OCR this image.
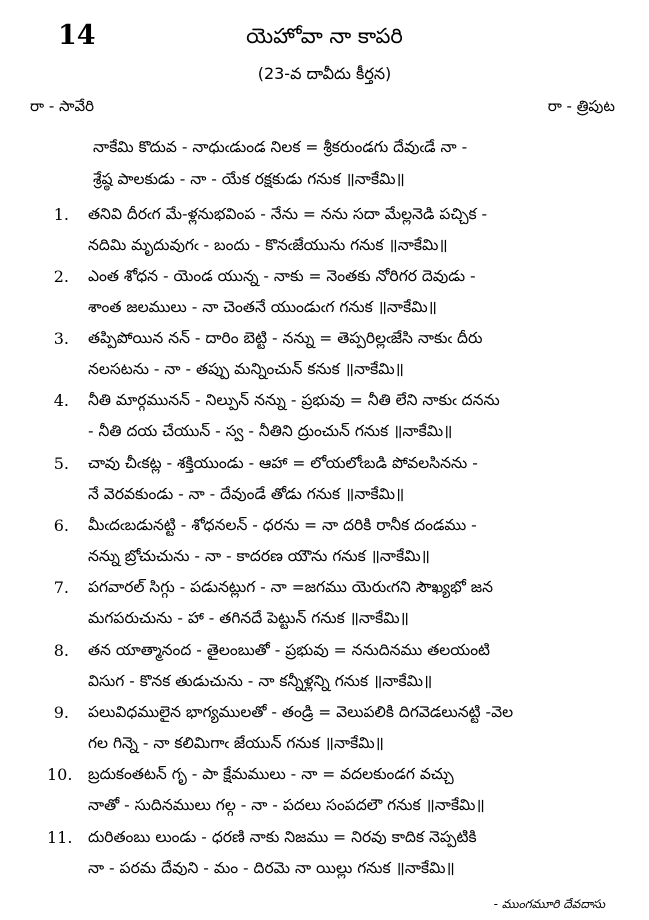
14	యెహోవా నా కాపరి
(23-వ దావీదు కీర్తన)
రా - సావేరి	రా - త్రిపుట
నాకేమి కొదువ - నాధుఁడుండ నిలక = శ్రీకరుండగు దేవుఁడే నా -
శ్రేష్ఠ పాలకుడు - నా - యేక రక్షకుడు గనుక ॥నాకేమి॥
1. తనివి దీరఁగ మే-ళ్లనుభవింప - నేను = నను సదా మేల్లనెడి పచ్చిక -
నదిమి మృదువుగఁ - బందు - కొనఁజేయును గనుక ॥నాకేమి॥
2. ఎంత శోధన - యెండ యున్న - నాకు = నెంతకు నోరిగర దెవుడు -
శాంత జలములు - నా చెంతనే యుండుఁగ గనుక ॥నాకేమి॥
3. తప్పిపోయిన నన్ - దారిం బెట్టి - నన్ను = తెప్పరిల్లఁజేసి నాకుఁ దీరు
నలసటను - నా - తప్పు మన్నించున్ కనుక ॥నాకేమి॥
4. నీతి మార్గమునన్ - నిల్పున్ నన్ను - ప్రభువు = నీతి లేని నాకుఁ దనను
- నీతి దయ చేయున్ - స్వ - నీతిని ద్రుంచున్ గనుక ॥నాకేమి॥
5. చావు చీఁకట్ల - శక్తియుండు - ఆహా = లోయలోఁబడి పోవలసినను -
నే వెరవకుండు - నా - దేవుండే తోడు గనుక ॥నాకేమి॥
6. మీఁదఁబడునట్టి - శోధనలన్ - ధరను = నా దరికి రానీక దండము -
నన్ను బ్రోచుచును - నా - కాదరణ యౌను గనుక ॥నాకేమి॥
7. పగవారల్ సిగ్గు - పడునట్లుగ - నా =జగము యెరుఁగని సౌఖ్యభో జన
మగపరుచును - హా - తగినదే పెట్టున్ గనుక ॥నాకేమి॥
8. తన యాత్మానంద - తైలంబుతో - ప్రభువు = ననుదినము తలయంటి
విసుగ - కొనక తుడుచును - నా కన్నీళ్లన్ని గనుక ॥నాకేమి॥
9. పలువిధములైన భాగ్యములతో - తండ్రి = వెలుపలికి దిగవెడలునట్టి -వెల
గల గిన్నె - నా కలిమిగాఁ జేయున్ గనుక ॥నాకేమి॥
10. బ్రదుకంతటన్ గృ - పా క్షేమములు - నా = వదలకుండగ వచ్చు
నాతో - సుదినములు గల్గ - నా - పదలు సంపదలౌ గనుక ॥నాకేమి॥
11. దురితంబు లుండు - ధరణి నాకు నిజము = నిరవు కాదిక నెప్పటికి
నా - పరమ దేవుని - మం - దిరమె నా యిల్లు గనుక ॥నాకేమి॥
- ముంగమూరి దేవదాసు
